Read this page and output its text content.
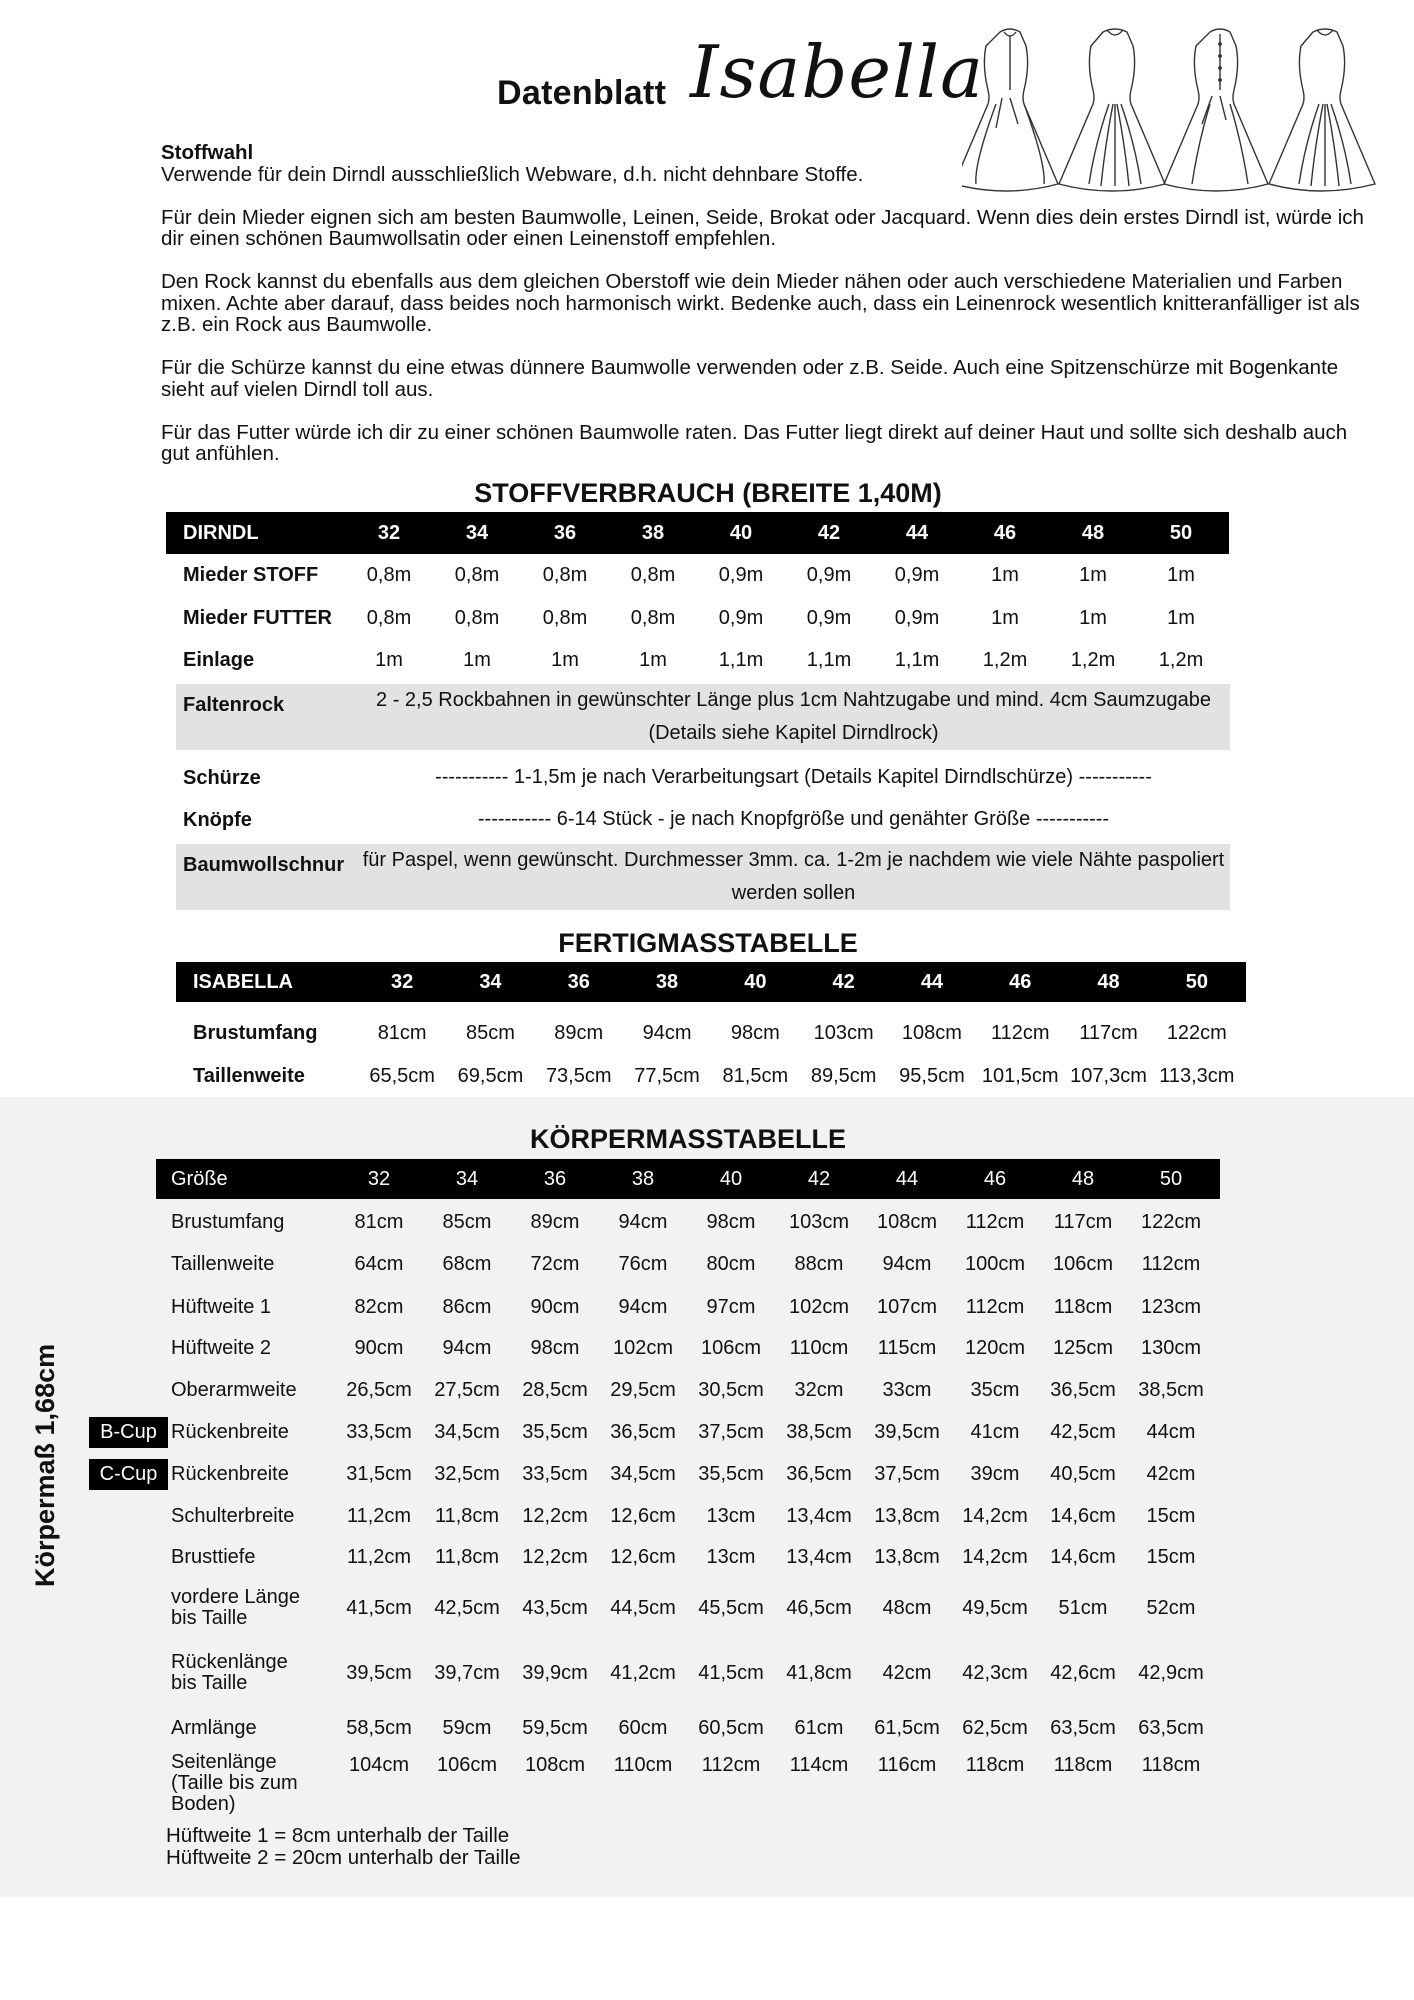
Datenblatt Isabella
Stoffwahl

Verwende für dein Dirndl ausschließlich Webware, d.h. nicht dehnbare Stoffe.

Für dein Mieder eignen sich am besten Baumwolle, Leinen, Seide, Brokat oder Jacquard. Wenn dies dein erstes Dirndl ist, würde ich dir einen schönen Baumwollsatin oder einen Leinenstoff empfehlen.

Den Rock kannst du ebenfalls aus dem gleichen Oberstoff wie dein Mieder nähen oder auch verschiedene Materialien und Farben mixen. Achte aber darauf, dass beides noch harmonisch wirkt. Bedenke auch, dass ein Leinenrock wesentlich knitteranfälliger ist als z.B. ein Rock aus Baumwolle.

Für die Schürze kannst du eine etwas dünnere Baumwolle verwenden oder z.B. Seide. Auch eine Spitzenschürze mit Bogenkante sieht auf vielen Dirndl toll aus.

Für das Futter würde ich dir zu einer schönen Baumwolle raten. Das Futter liegt direkt auf deiner Haut und sollte sich deshalb auch gut anfühlen.

STOFFVERBRAUCH (BREITE 1,40M)
DIRNDL	32	34	36	38	40	42	44	46	48	50
Mieder STOFF	0,8m	0,8m	0,8m	0,8m	0,9m	0,9m	0,9m	1m	1m	1m
Mieder FUTTER	0,8m	0,8m	0,8m	0,8m	0,9m	0,9m	0,9m	1m	1m	1m
Einlage	1m	1m	1m	1m	1,1m	1,1m	1,1m	1,2m	1,2m	1,2m
Faltenrock	2 - 2,5 Rockbahnen in gewünschter Länge plus 1cm Nahtzugabe und mind. 4cm Saumzugabe (Details siehe Kapitel Dirndlrock)
Schürze	----------- 1-1,5m je nach Verarbeitungsart (Details Kapitel Dirndlschürze) -----------
Knöpfe	----------- 6-14 Stück - je nach Knopfgröße und genähter Größe -----------
Baumwollschnur für Paspel, wenn gewünscht. Durchmesser 3mm. ca. 1-2m je nachdem wie viele Nähte paspoliert werden sollen
FERTIGMASSTABELLE
ISABELLA	32	34	36	38	40	42	44	46	48	50
Brustumfang	81cm	85cm	89cm	94cm	98cm	103cm	108cm	112cm	117cm	122cm
Taillenweite	65,5cm	69,5cm	73,5cm	77,5cm	81,5cm	89,5cm	95,5cm 101,5cm 107,3cm 113,3cm
KÖRPERMASSTABELLE
Körpermaß 1,68cm
Größe	32	34	36	38	40	42	44	46	48	50
Brustumfang	81cm	85cm	89cm	94cm	98cm	103cm	108cm	112cm	117cm	122cm
Taillenweite	64cm	68cm	72cm	76cm	80cm	88cm	94cm	100cm	106cm	112cm
Hüftweite 1	82cm	86cm	90cm	94cm	97cm	102cm	107cm	112cm	118cm	123cm
Hüftweite 2	90cm	94cm	98cm	102cm	106cm	110cm	115cm	120cm	125cm	130cm
Oberarmweite	26,5cm	27,5cm	28,5cm	29,5cm	30,5cm	32cm	33cm	35cm	36,5cm	38,5cm
Rückenbreite	33,5cm	34,5cm	35,5cm	36,5cm	37,5cm	38,5cm	39,5cm	41cm	42,5cm	44cm
B-Cup
Rückenbreite	31,5cm	32,5cm	33,5cm	34,5cm	35,5cm	36,5cm	37,5cm	39cm	40,5cm	42cm
C-Cup
Schulterbreite	11,2cm	11,8cm	12,2cm	12,6cm	13cm	13,4cm	13,8cm	14,2cm	14,6cm	15cm
Brusttiefe	11,2cm	11,8cm	12,2cm	12,6cm	13cm	13,4cm	13,8cm	14,2cm	14,6cm	15cm
vordere Länge
bis Taille	41,5cm	42,5cm	43,5cm	44,5cm	45,5cm	46,5cm	48cm	49,5cm	51cm	52cm
Rückenlänge
bis Taille	39,5cm	39,7cm	39,9cm	41,2cm	41,5cm	41,8cm	42cm	42,3cm	42,6cm	42,9cm
Armlänge	58,5cm	59cm	59,5cm	60cm	60,5cm	61cm	61,5cm	62,5cm	63,5cm	63,5cm
Seitenlänge
(Taille bis zum Boden)
104cm	106cm	108cm	110cm	112cm	114cm	116cm	118cm	118cm	118cm
Hüftweite 1 = 8cm unterhalb der Taille
Hüftweite 2 = 20cm unterhalb der Taille
